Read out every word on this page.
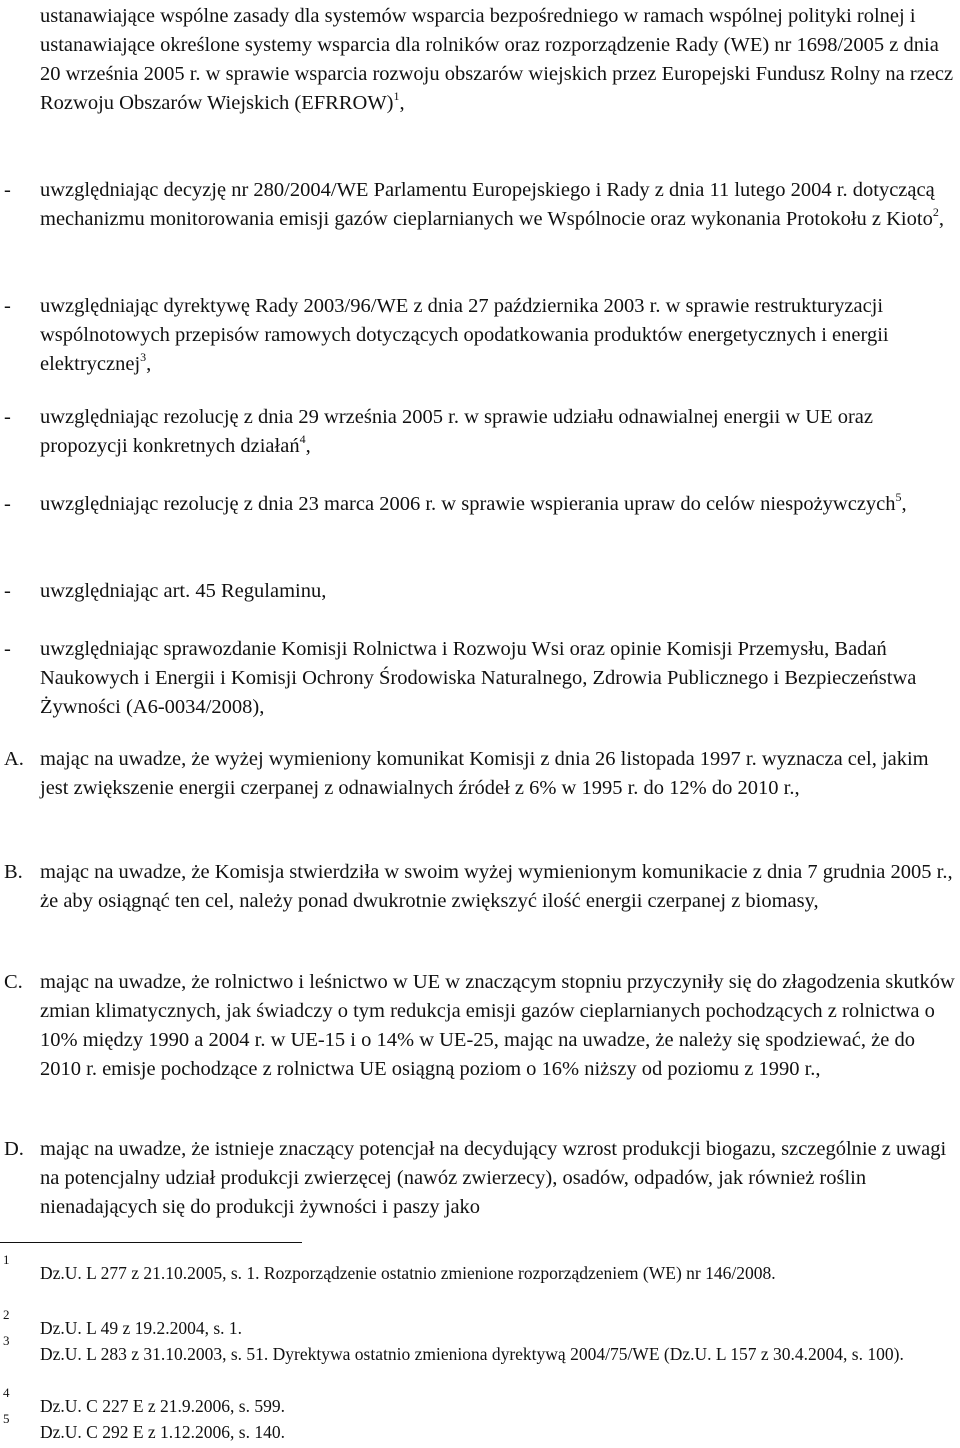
ustanawiające wspólne zasady dla systemów wsparcia bezpośredniego w ramach wspólnej polityki rolnej i ustanawiające określone systemy wsparcia dla rolników oraz rozporządzenie Rady (WE) nr 1698/2005 z dnia 20 września 2005 r. w sprawie wsparcia rozwoju obszarów wiejskich przez Europejski Fundusz Rolny na rzecz Rozwoju Obszarów Wiejskich (EFRROW)$^1$,
-	uwzględniając decyzję nr 280/2004/WE Parlamentu Europejskiego i Rady z dnia 11 lutego 2004 r. dotyczącą mechanizmu monitorowania emisji gazów cieplarnianych we Wspólnocie oraz wykonania Protokołu z Kioto$^2$,
-	uwzględniając dyrektywę Rady 2003/96/WE z dnia 27 października 2003 r. w sprawie restrukturyzacji wspólnotowych przepisów ramowych dotyczących opodatkowania produktów energetycznych i energii elektrycznej$^3$,
-	uwzględniając rezolucję z dnia 29 września 2005 r. w sprawie udziału odnawialnej energii w UE oraz propozycji konkretnych działań$^4$,
-	uwzględniając rezolucję z dnia 23 marca 2006 r. w sprawie wspierania upraw do celów niespożywczych$^5$,
-	uwzględniając art. 45 Regulaminu,
-	uwzględniając sprawozdanie Komisji Rolnictwa i Rozwoju Wsi oraz opinie Komisji Przemysłu, Badań Naukowych i Energii i Komisji Ochrony Środowiska Naturalnego, Zdrowia Publicznego i Bezpieczeństwa Żywności (A6-0034/2008),
A. mając na uwadze, że wyżej wymieniony komunikat Komisji z dnia 26 listopada 1997 r. wyznacza cel, jakim jest zwiększenie energii czerpanej z odnawialnych źródeł z 6% w 1995 r. do 12% do 2010 r.,
B. mając na uwadze, że Komisja stwierdziła w swoim wyżej wymienionym komunikacie z dnia 7 grudnia 2005 r., że aby osiągnąć ten cel, należy ponad dwukrotnie zwiększyć ilość energii czerpanej z biomasy,
C. mając na uwadze, że rolnictwo i leśnictwo w UE w znaczącym stopniu przyczyniły się do złagodzenia skutków zmian klimatycznych, jak świadczy o tym redukcja emisji gazów cieplarnianych pochodzących z rolnictwa o 10% między 1990 a 2004 r. w UE-15 i o 14% w UE-25, mając na uwadze, że należy się spodziewać, że do 2010 r. emisje pochodzące z rolnictwa UE osiągną poziom o 16% niższy od poziomu z 1990 r.,
D. mając na uwadze, że istnieje znaczący potencjał na decydujący wzrost produkcji biogazu, szczególnie z uwagi na potencjalny udział produkcji zwierzęcej (nawóz zwierzecy), osadów, odpadów, jak również roślin nienadających się do produkcji żywności i paszy jako
1
Dz.U. L 277 z 21.10.2005, s. 1. Rozporządzenie ostatnio zmienione rozporządzeniem (WE) nr 146/2008.
2
Dz.U. L 49 z 19.2.2004, s. 1.
3
Dz.U. L 283 z 31.10.2003, s. 51. Dyrektywa ostatnio zmieniona dyrektywą 2004/75/WE (Dz.U. L 157 z 30.4.2004, s. 100).
4
Dz.U. C 227 E z 21.9.2006, s. 599.
5
Dz.U. C 292 E z 1.12.2006, s. 140.
